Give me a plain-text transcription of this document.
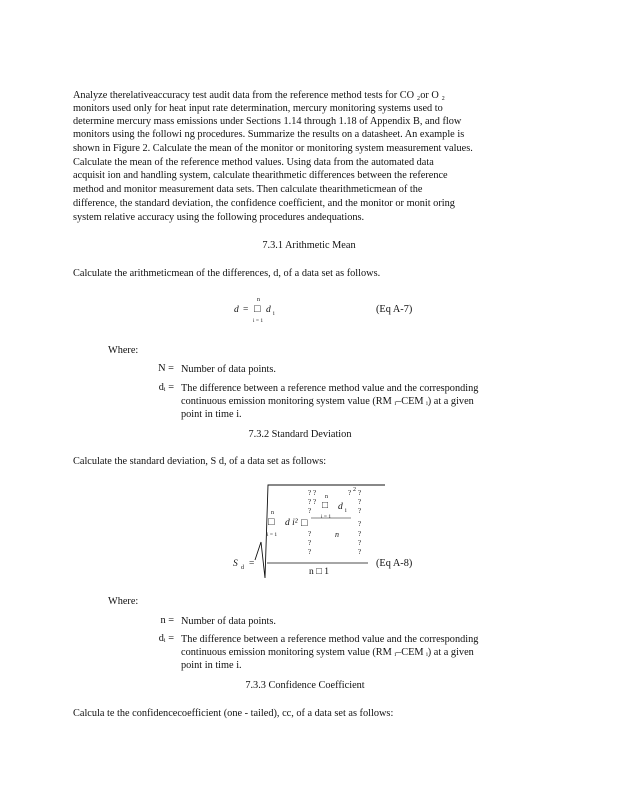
Analyze therelativeaccuracy test audit data from the reference method tests for CO ₂or O ₂
monitors used only for heat input rate determination, mercury monitoring systems used to
determine mercury mass emissions under Sections 1.14 through 1.18 of Appendix B, and flow
monitors using the followi ng procedures. Summarize the results on a datasheet. An example is
shown in Figure 2. Calculate the mean of the monitor or monitoring system measurement values.
Calculate the mean of the reference method values. Using data from the automated data
acquisit ion and handling system, calculate thearithmetic differences between the reference
method and monitor measurement data sets. Then calculate thearithmeticmean of the
difference, the standard deviation, the confidence coefficient, and the monitor or monit oring
system relative accuracy using the following procedures andequations.
7.3.1 Arithmetic Mean
Calculate the arithmeticmean of the differences, d, of a data set as follows.
d =
n
□
i = 1
d i	(Eq A-7)
Where:
N = Number of data points.
dᵢ = The difference between a reference method value and the corresponding
continuous emission monitoring system value (RM ᵢ–CEM ᵢ) at a given
point in time i.
7.3.2 Standard Deviation
Calculate the standard deviation, S d, of a data set as follows:
? ?
? ?
?
?
?
?
? ?
?
?
?
?
?
?
2
n
□
i = 1
d i² □
n
□
i = 1
d i
n
S d =
n □ 1
(Eq A-8)
Where:
n = Number of data points.
dᵢ = The difference between a reference method value and the corresponding
continuous emission monitoring system value (RM ᵢ–CEM ᵢ) at a given
point in time i.
7.3.3 Confidence Coefficient
Calcula te the confidencecoefficient (one - tailed), cc, of a data set as follows:
